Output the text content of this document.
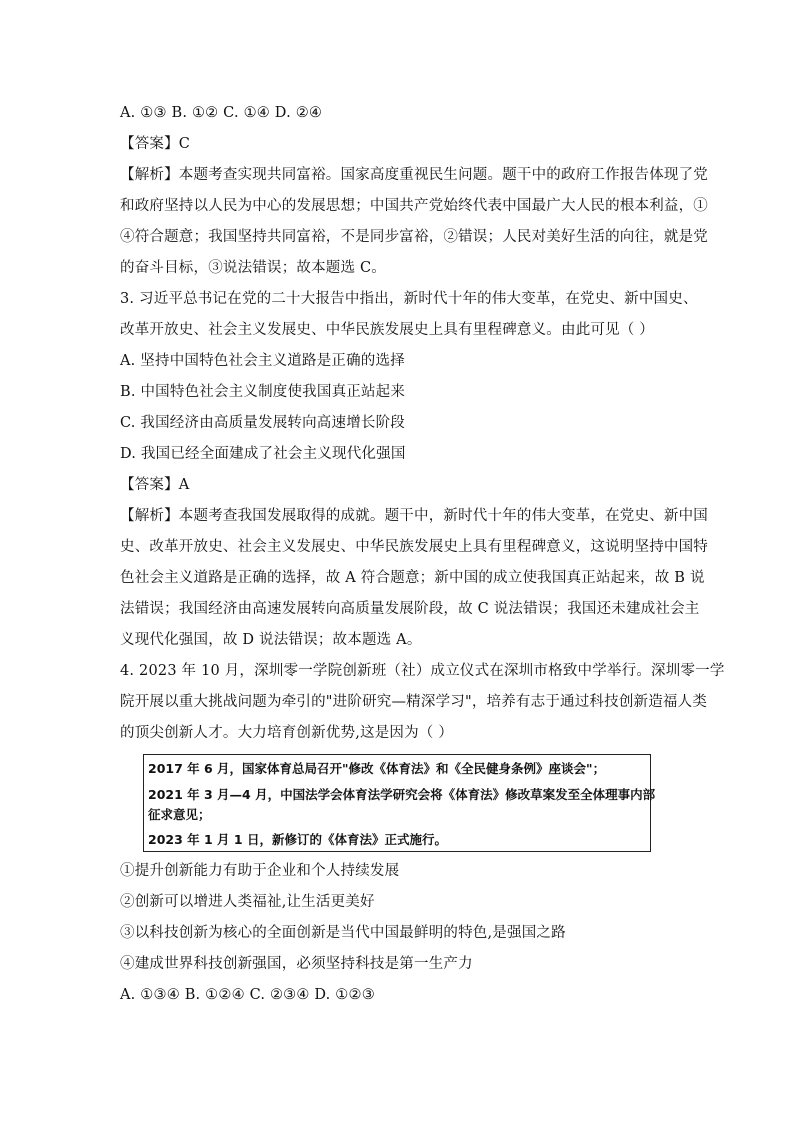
A. ①③ B. ①② C. ①④ D. ②④
【答案】C
【解析】本题考查实现共同富裕。国家高度重视民生问题。题干中的政府工作报告体现了党
和政府坚持以人民为中心的发展思想；中国共产党始终代表中国最广大人民的根本利益，①
④符合题意；我国坚持共同富裕，不是同步富裕，②错误；人民对美好生活的向往，就是党
的奋斗目标，③说法错误；故本题选 C。
3. 习近平总书记在党的二十大报告中指出，新时代十年的伟大变革，在党史、新中国史、
改革开放史、社会主义发展史、中华民族发展史上具有里程碑意义。由此可见（ ）
A. 坚持中国特色社会主义道路是正确的选择
B. 中国特色社会主义制度使我国真正站起来
C. 我国经济由高质量发展转向高速增长阶段
D. 我国已经全面建成了社会主义现代化强国
【答案】A
【解析】本题考查我国发展取得的成就。题干中，新时代十年的伟大变革，在党史、新中国
史、改革开放史、社会主义发展史、中华民族发展史上具有里程碑意义，这说明坚持中国特
色社会主义道路是正确的选择，故 A 符合题意；新中国的成立使我国真正站起来，故 B 说
法错误；我国经济由高速发展转向高质量发展阶段，故 C 说法错误；我国还未建成社会主
义现代化强国，故 D 说法错误；故本题选 A。
4. 2023 年 10 月，深圳零一学院创新班（社）成立仪式在深圳市格致中学举行。深圳零一学
院开展以重大挑战问题为牵引的"进阶研究—精深学习"，培养有志于通过科技创新造福人类
的顶尖创新人才。大力培育创新优势,这是因为（ ）
2017 年 6 月，国家体育总局召开"修改《体育法》和《全民健身条例》座谈会"；
2021 年 3 月—4 月，中国法学会体育法学研究会将《体育法》修改草案发至全体理事内部
征求意见；
2023 年 1 月 1 日，新修订的《体育法》正式施行。
①提升创新能力有助于企业和个人持续发展
②创新可以增进人类福祉,让生活更美好
③以科技创新为核心的全面创新是当代中国最鲜明的特色,是强国之路
④建成世界科技创新强国，必须坚持科技是第一生产力
A. ①③④ B. ①②④ C. ②③④ D. ①②③
